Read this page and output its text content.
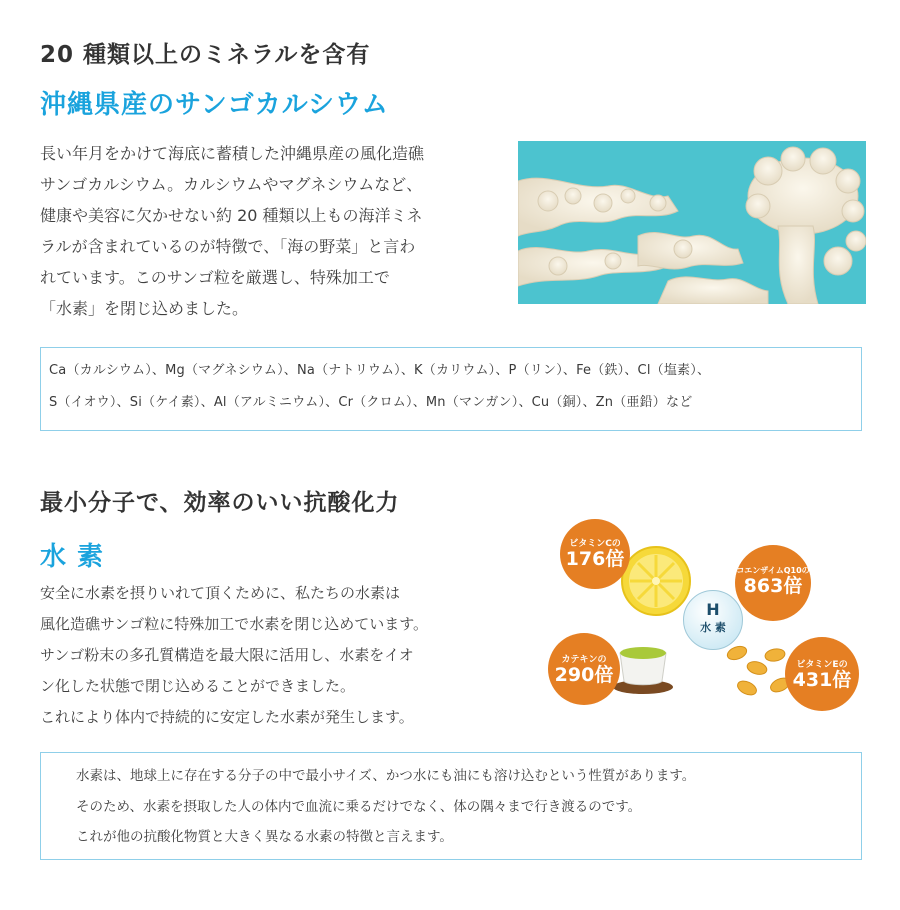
20 種類以上のミネラルを含有
沖縄県産のサンゴカルシウム

長い年月をかけて海底に蓄積した沖縄県産の風化造礁

サンゴカルシウム。カルシウムやマグネシウムなど、

健康や美容に欠かせない約 20 種類以上もの海洋ミネ

ラルが含まれているのが特徴で、「海の野菜」と言わ

れています。このサンゴ粒を厳選し、特殊加工で

「水素」を閉じ込めました。

Ca（カルシウム）、Mg（マグネシウム）、Na（ナトリウム）、K（カリウム）、P（リン）、Fe（鉄）、Cl（塩素）、

S（イオウ）、Si（ケイ素）、Al（アルミニウム）、Cr（クロム）、Mn（マンガン）、Cu（銅）、Zn（亜鉛）など

最小分子で、効率のいい抗酸化力
水 素

安全に水素を摂りいれて頂くために、私たちの水素は

風化造礁サンゴ粒に特殊加工で水素を閉じ込めています。

サンゴ粉末の多孔質構造を最大限に活用し、水素をイオ

ン化した状態で閉じ込めることができました。

これにより体内で持続的に安定した水素が発生します。

H
水 素
ビタミンCの
176倍
コエンザイムQ10の
863倍
カテキンの
290倍	ビタミンEの
431倍

水素は、地球上に存在する分子の中で最小サイズ、かつ水にも油にも溶け込むという性質があります。

そのため、水素を摂取した人の体内で血流に乗るだけでなく、体の隅々まで行き渡るのです。

これが他の抗酸化物質と大きく異なる水素の特徴と言えます。
